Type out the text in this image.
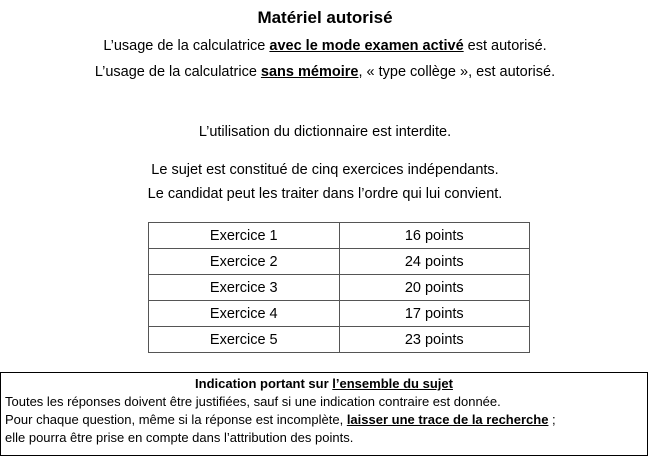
Matériel autorisé
L’usage de la calculatrice avec le mode examen activé est autorisé.
L’usage de la calculatrice sans mémoire, « type collège », est autorisé.
L’utilisation du dictionnaire est interdite.
Le sujet est constitué de cinq exercices indépendants.
Le candidat peut les traiter dans l’ordre qui lui convient.
Exercice 1	16 points
Exercice 2	24 points
Exercice 3	20 points
Exercice 4	17 points
Exercice 5	23 points
Indication portant sur l’ensemble du sujet
Toutes les réponses doivent être justifiées, sauf si une indication contraire est donnée.
Pour chaque question, même si la réponse est incomplète, laisser une trace de la recherche ;
elle pourra être prise en compte dans l’attribution des points.
